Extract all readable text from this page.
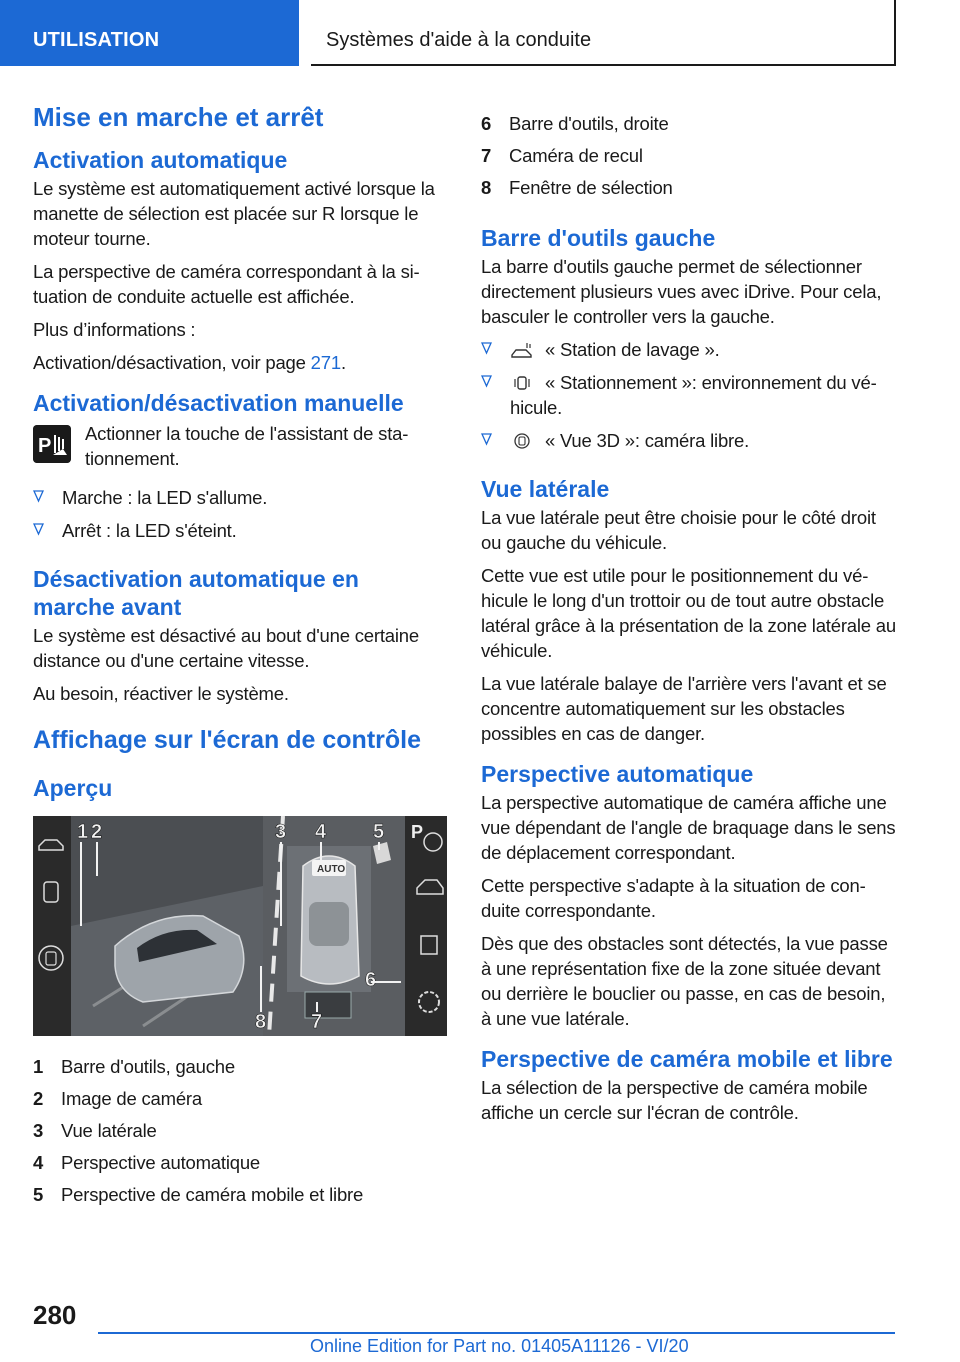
UTILISATION	Systèmes d'aide à la conduite
Mise en marche et arrêt
Activation automatique

Le système est automatiquement activé lorsque la manette de sélection est placée sur R lorsque le moteur tourne.

La perspective de caméra correspondant à la situation de conduite actuelle est affichée.

Plus d’informations :

Activation/désactivation, voir page 271.

Activation/désactivation manuelle
P

Actionner la touche de l'assistant de stationnement.

Marche : la LED s'allume.
Arrêt : la LED s'éteint.
Désactivation automatique en marche avant

Le système est désactivé au bout d'une certaine distance ou d'une certaine vitesse.

Au besoin, réactiver le système.

Affichage sur l'écran de contrôle
Aperçu
AUTO
P
1 2	3 4 5
6
7
8
1 Barre d'outils, gauche
2 Image de caméra
3 Vue latérale
4 Perspective automatique
5 Perspective de caméra mobile et libre
6 Barre d'outils, droite
7 Caméra de recul
8 Fenêtre de sélection
Barre d'outils gauche

La barre d'outils gauche permet de sélectionner directement plusieurs vues avec iDrive. Pour cela, basculer le controller vers la gauche.

« Station de lavage ».
« Stationnement »: environnement du véhicule.
« Vue 3D »: caméra libre.
Vue latérale

La vue latérale peut être choisie pour le côté droit ou gauche du véhicule.

Cette vue est utile pour le positionnement du véhicule le long d'un trottoir ou de tout autre obstacle latéral grâce à la présentation de la zone latérale au véhicule.

La vue latérale balaye de l'arrière vers l'avant et se concentre automatiquement sur les obstacles possibles en cas de danger.

Perspective automatique

La perspective automatique de caméra affiche une vue dépendant de l'angle de braquage dans le sens de déplacement correspondant.

Cette perspective s'adapte à la situation de conduite correspondante.

Dès que des obstacles sont détectés, la vue passe à une représentation fixe de la zone située devant ou derrière le bouclier ou passe, en cas de besoin, à une vue latérale.

Perspective de caméra mobile et libre

La sélection de la perspective de caméra mobile affiche un cercle sur l'écran de contrôle.

280
Online Edition for Part no. 01405A11126 - VI/20
